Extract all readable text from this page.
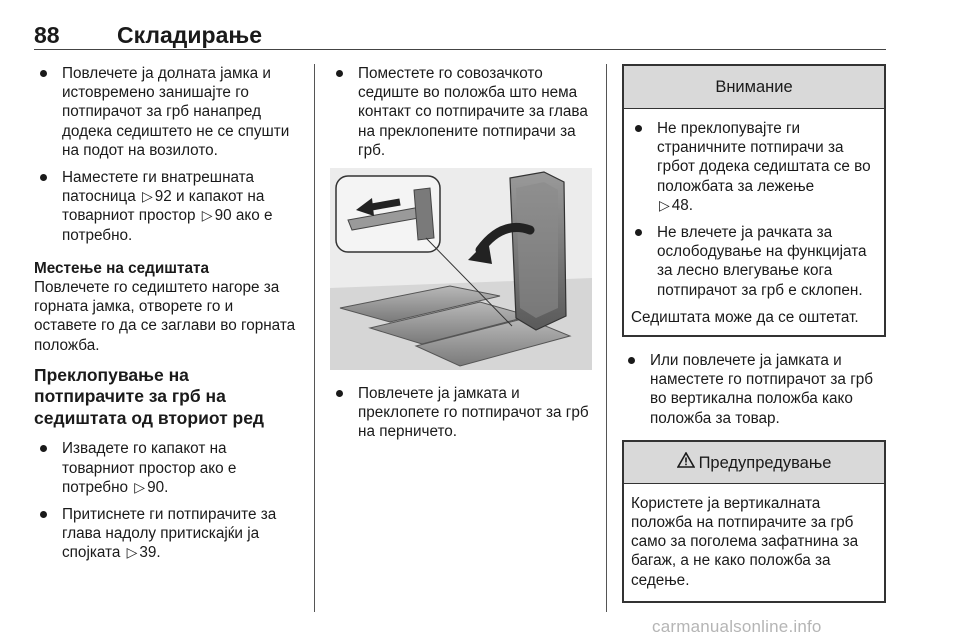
88 Складирање
Повлечете ја долната јамка и истовремено занишајте го потпирачот за грб нанапред додека седиштето не се спушти на подот на возилото.
Наместете ги внатрешната патосница ▷ 92 и капакот на товарниот простор ▷ 90 ако е потребно.
Местење на седиштата
Повлечете го седиштето нагоре за горната јамка, отворете го и оставете го да се заглави во горната положба.
Преклопување на потпирачите за грб на седиштата од вториот ред
Извадете го капакот на товарниот простор ако е потребно ▷ 90.
Притиснете ги потпирачите за глава надолу притискајќи ја спојката ▷ 39.
Поместете го совозачкото седиште во положба што нема контакт со потпирачите за глава на преклопените потпирачи за грб.
Повлечете ја јамката и преклопете го потпирачот за грб на перничето.
Внимание
Не преклопувајте ги страничните потпирачи за грбот додека седиштата се во положбата за лежење
▷ 48.
Не влечете ја рачката за ослободување на функцијата за лесно влегување кога потпирачот за грб е склопен.
Седиштата може да се оштетат.
Или повлечете ја јамката и наместете го потпирачот за грб во вертикална положба како положба за товар.
Предупредување
Користете ја вертикалната положба на потпирачите за грб само за поголема зафатнина за багаж, а не како положба за седење.
carmanualsonline.info
